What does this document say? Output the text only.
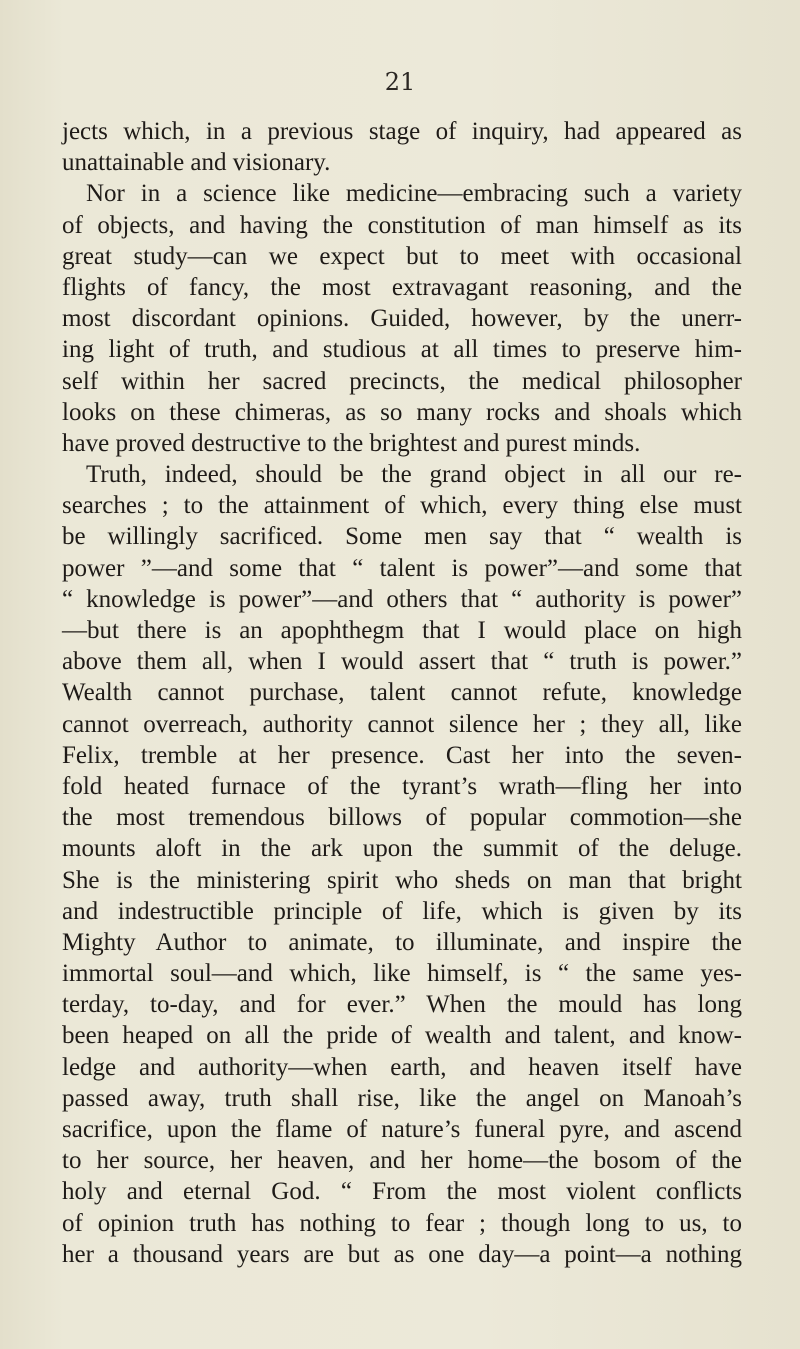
21
jects which, in a previous stage of inquiry, had appeared as
unattainable and visionary.
Nor in a science like medicine—embracing such a variety
of objects, and having the constitution of man himself as its
great study—can we expect but to meet with occasional
flights of fancy, the most extravagant reasoning, and the
most discordant opinions. Guided, however, by the unerr-
ing light of truth, and studious at all times to preserve him-
self within her sacred precincts, the medical philosopher
looks on these chimeras, as so many rocks and shoals which
have proved destructive to the brightest and purest minds.
Truth, indeed, should be the grand object in all our re-
searches ; to the attainment of which, every thing else must
be willingly sacrificed. Some men say that “ wealth is
power ”—and some that “ talent is power”—and some that
“ knowledge is power”—and others that “ authority is power”
—but there is an apophthegm that I would place on high
above them all, when I would assert that “ truth is power.”
Wealth cannot purchase, talent cannot refute, knowledge
cannot overreach, authority cannot silence her ; they all, like
Felix, tremble at her presence. Cast her into the seven-
fold heated furnace of the tyrant’s wrath—fling her into
the most tremendous billows of popular commotion—she
mounts aloft in the ark upon the summit of the deluge.
She is the ministering spirit who sheds on man that bright
and indestructible principle of life, which is given by its
Mighty Author to animate, to illuminate, and inspire the
immortal soul—and which, like himself, is “ the same yes-
terday, to-day, and for ever.” When the mould has long
been heaped on all the pride of wealth and talent, and know-
ledge and authority—when earth, and heaven itself have
passed away, truth shall rise, like the angel on Manoah’s
sacrifice, upon the flame of nature’s funeral pyre, and ascend
to her source, her heaven, and her home—the bosom of the
holy and eternal God. “ From the most violent conflicts
of opinion truth has nothing to fear ; though long to us, to
her a thousand years are but as one day—a point—a nothing
